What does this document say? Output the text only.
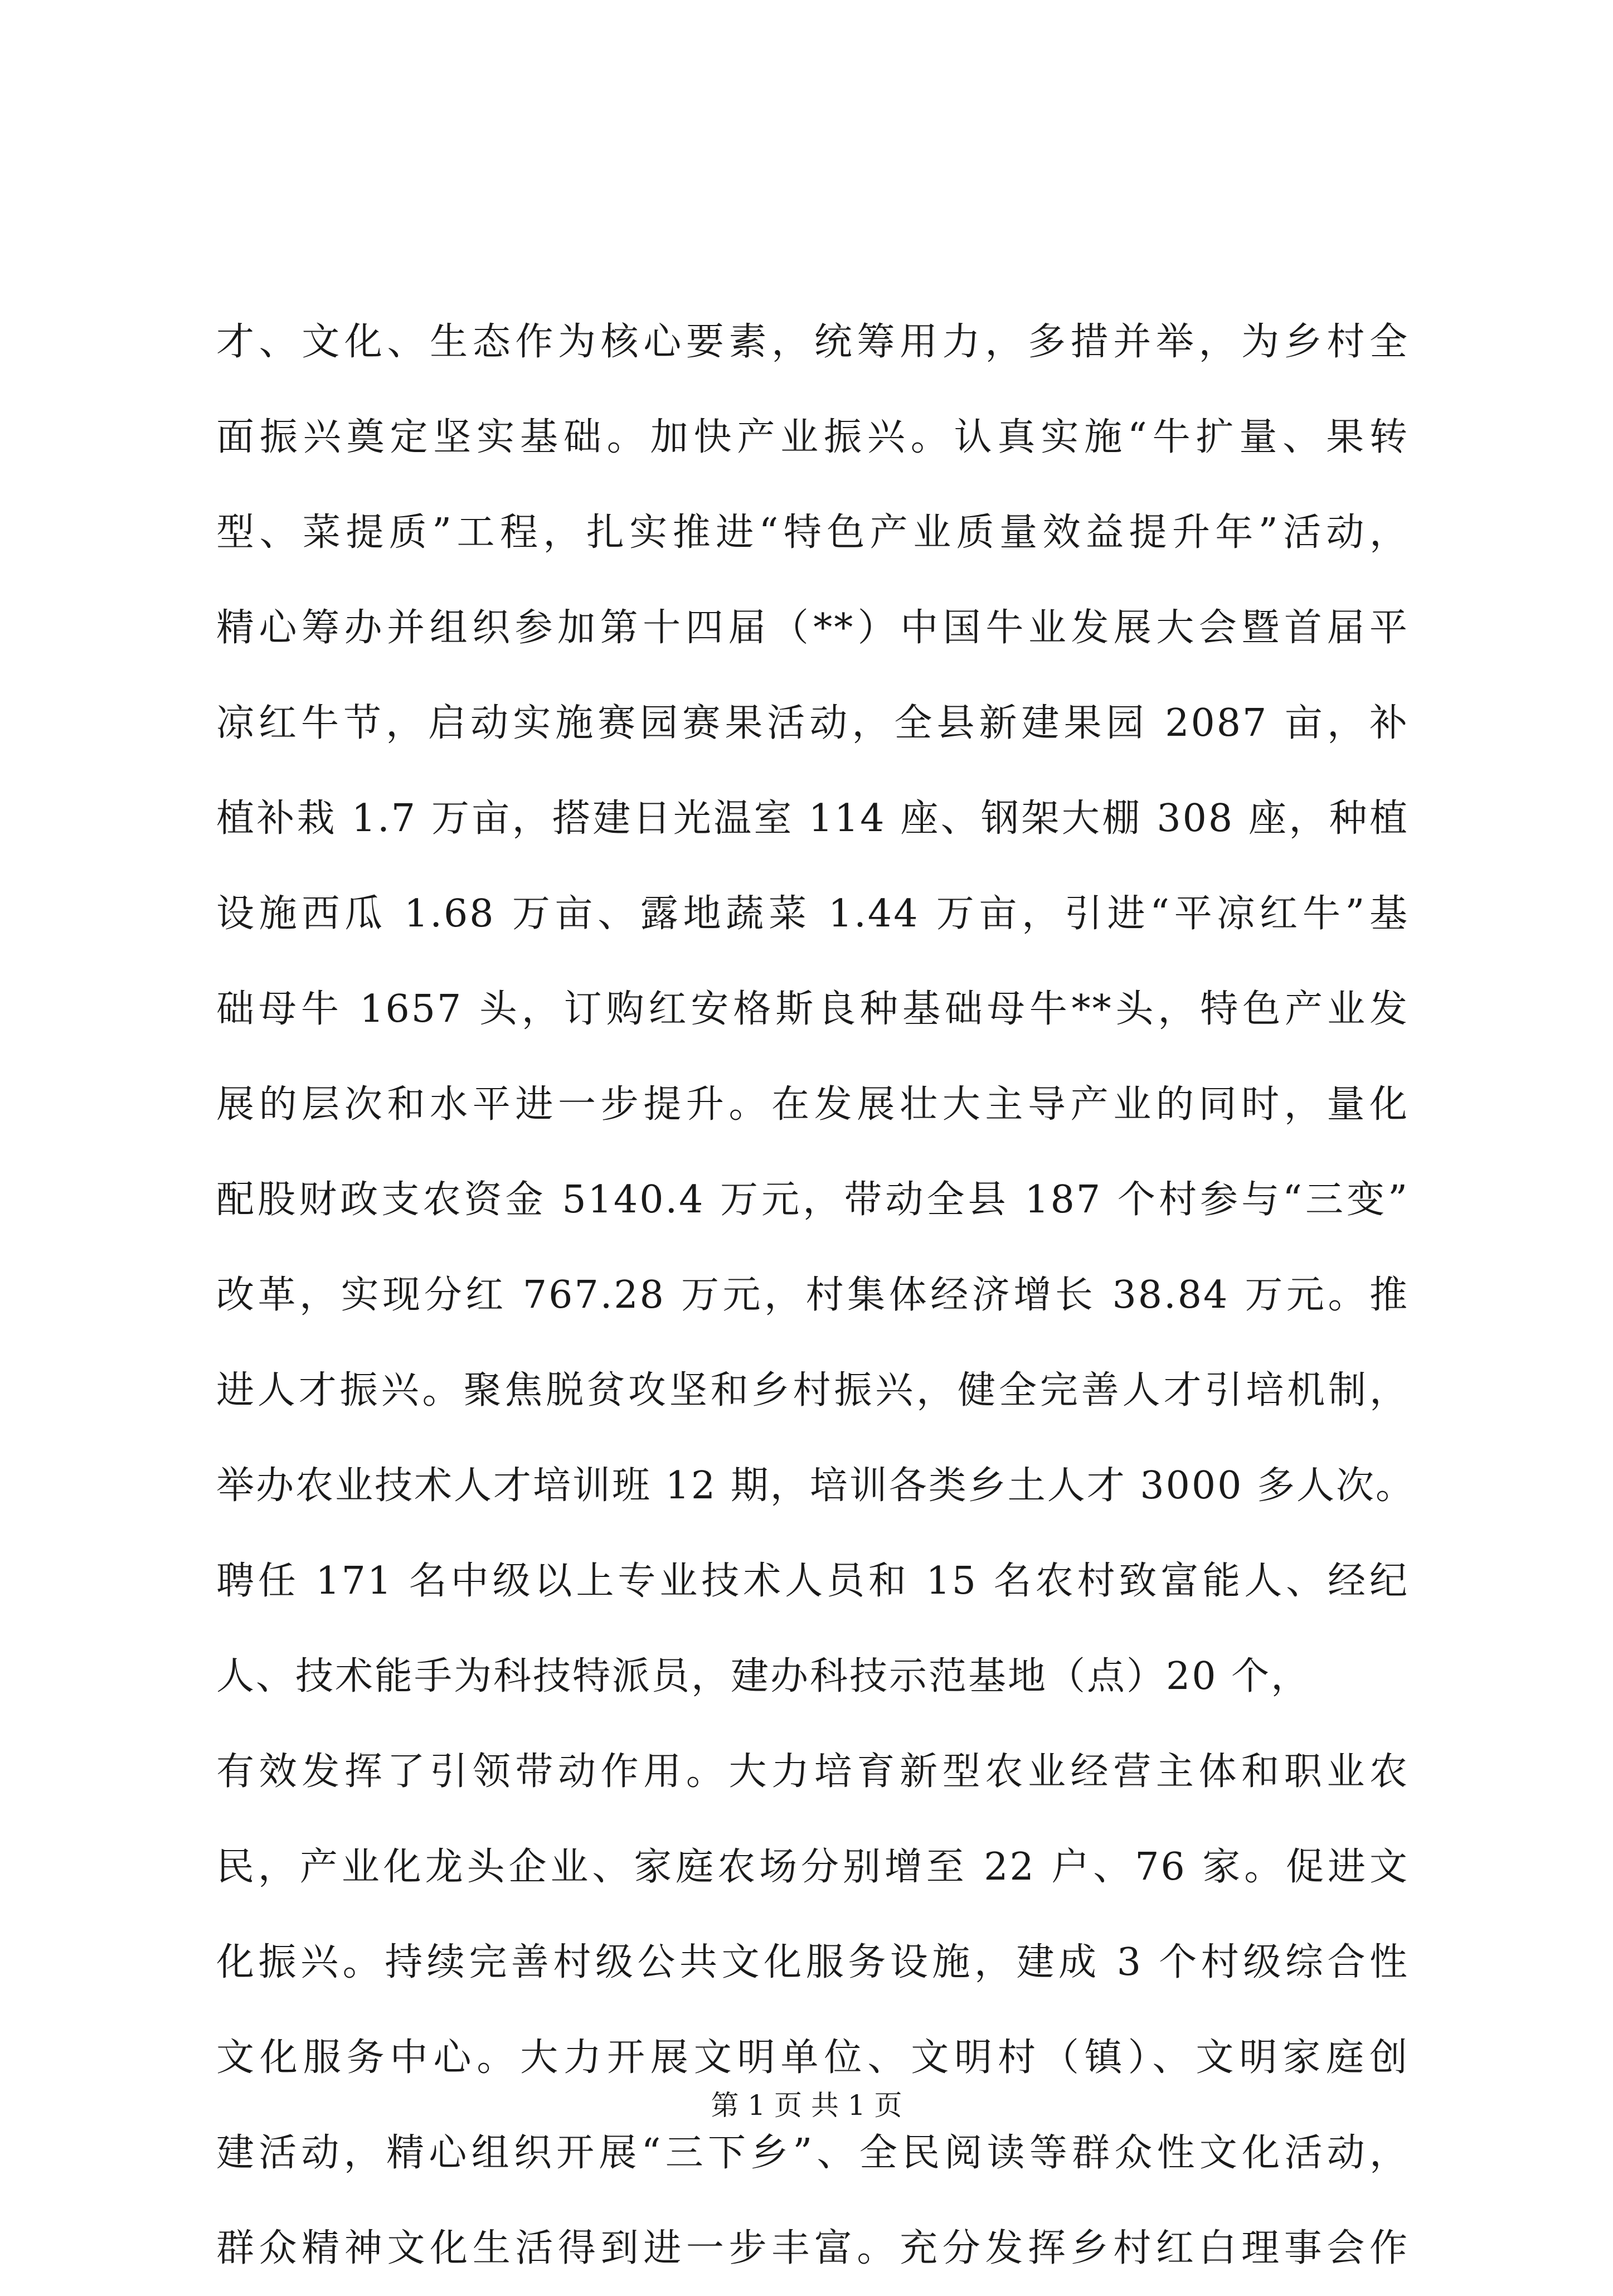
才、文化、生态作为核心要素，统筹用力，多措并举，为乡村全
面振兴奠定坚实基础。加快产业振兴。认真实施“牛扩量、果转
型、菜提质”工程，扎实推进“特色产业质量效益提升年”活动，
精心筹办并组织参加第十四届（**）中国牛业发展大会暨首届平
凉红牛节，启动实施赛园赛果活动，全县新建果园 2087 亩，补
植补栽 1.7 万亩，搭建日光温室 114 座、钢架大棚 308 座，种植
设施西瓜 1.68 万亩、露地蔬菜 1.44 万亩，引进“平凉红牛”基
础母牛 1657 头，订购红安格斯良种基础母牛**头，特色产业发
展的层次和水平进一步提升。在发展壮大主导产业的同时，量化
配股财政支农资金 5140.4 万元，带动全县 187 个村参与“三变”
改革，实现分红 767.28 万元，村集体经济增长 38.84 万元。推
进人才振兴。聚焦脱贫攻坚和乡村振兴，健全完善人才引培机制，
举办农业技术人才培训班 12 期，培训各类乡土人才 3000 多人次。
聘任 171 名中级以上专业技术人员和 15 名农村致富能人、经纪
人、技术能手为科技特派员，建办科技示范基地（点）20 个，
有效发挥了引领带动作用。大力培育新型农业经营主体和职业农
民，产业化龙头企业、家庭农场分别增至 22 户、76 家。促进文
化振兴。持续完善村级公共文化服务设施，建成 3 个村级综合性
文化服务中心。大力开展文明单位、文明村（镇）、文明家庭创
建活动，精心组织开展“三下乡”、全民阅读等群众性文化活动，
群众精神文化生活得到进一步丰富。充分发挥乡村红白理事会作
第 1 页 共 1 页
